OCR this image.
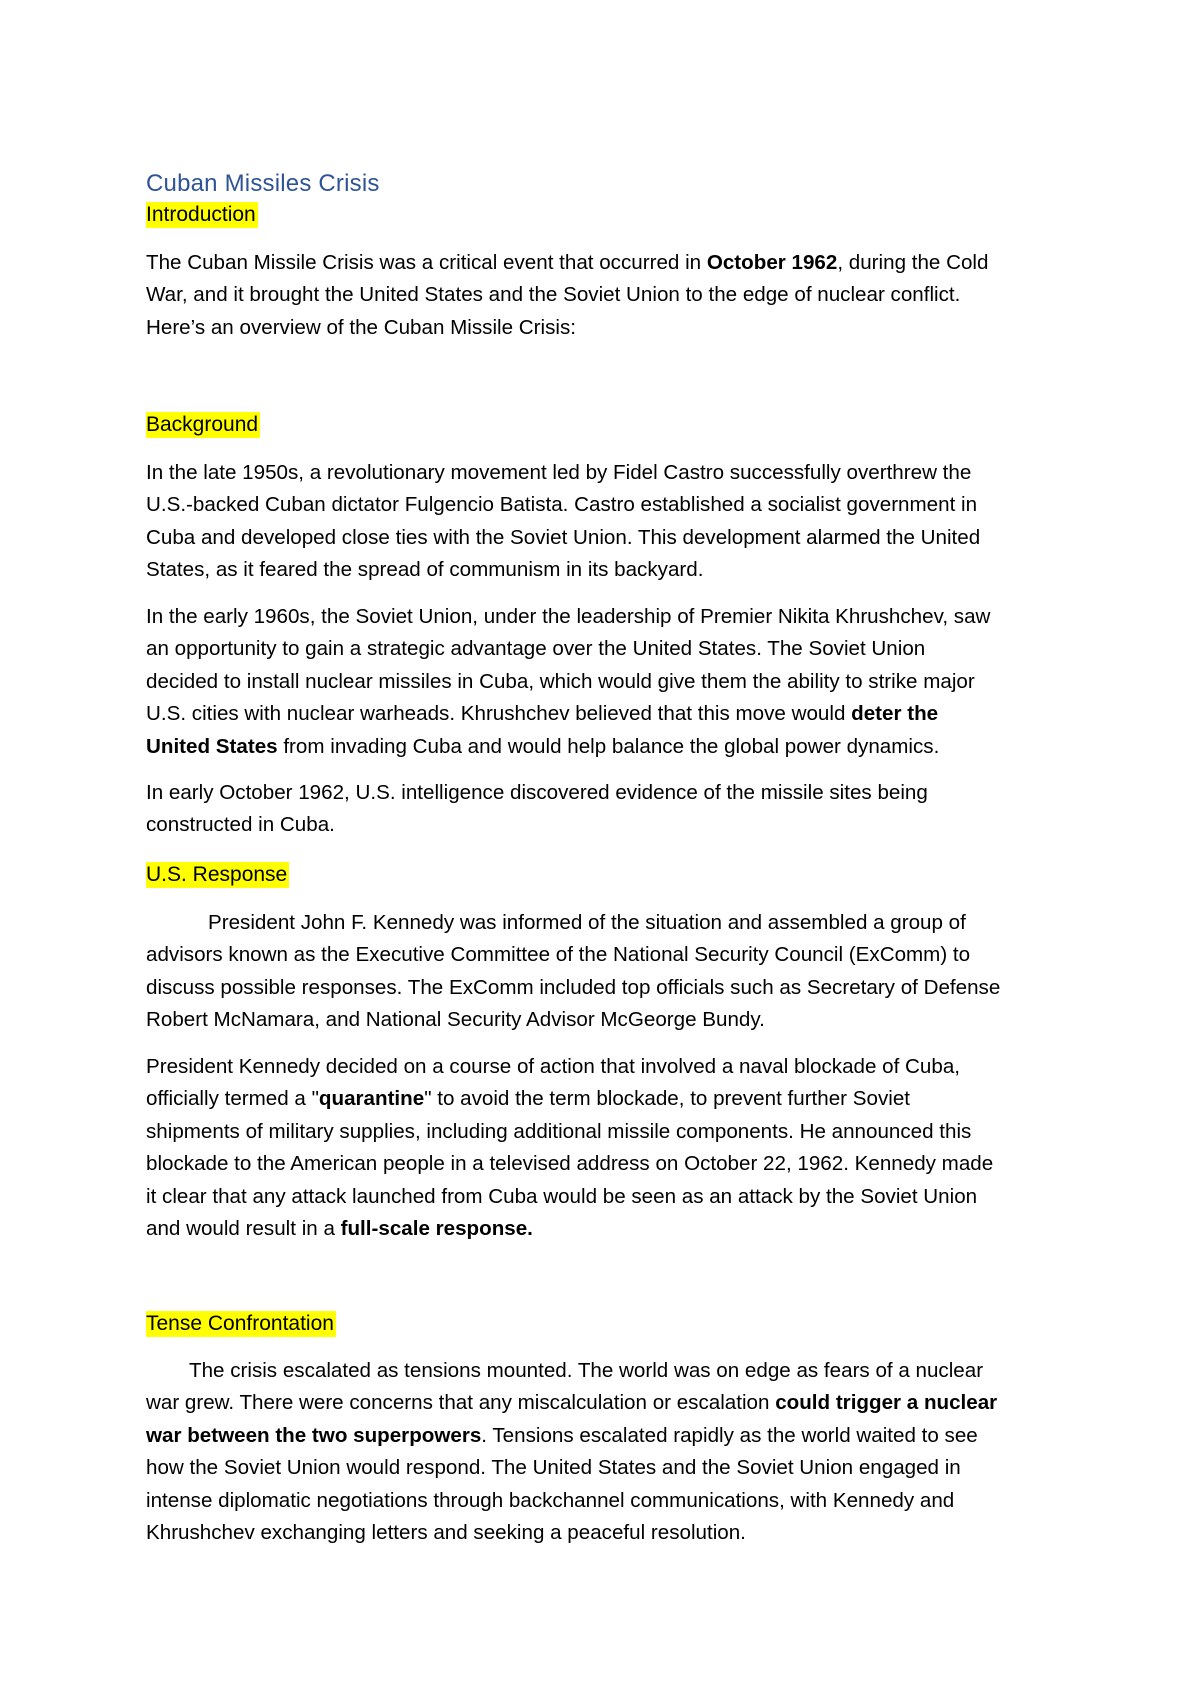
Cuban Missiles Crisis
Introduction

The Cuban Missile Crisis was a critical event that occurred in October 1962, during the Cold
War, and it brought the United States and the Soviet Union to the edge of nuclear conflict.
Here’s an overview of the Cuban Missile Crisis:

Background

In the late 1950s, a revolutionary movement led by Fidel Castro successfully overthrew the
U.S.-backed Cuban dictator Fulgencio Batista. Castro established a socialist government in
Cuba and developed close ties with the Soviet Union. This development alarmed the United
States, as it feared the spread of communism in its backyard.

In the early 1960s, the Soviet Union, under the leadership of Premier Nikita Khrushchev, saw
an opportunity to gain a strategic advantage over the United States. The Soviet Union
decided to install nuclear missiles in Cuba, which would give them the ability to strike major
U.S. cities with nuclear warheads. Khrushchev believed that this move would deter the
United States from invading Cuba and would help balance the global power dynamics.

In early October 1962, U.S. intelligence discovered evidence of the missile sites being
constructed in Cuba.

U.S. Response

President John F. Kennedy was informed of the situation and assembled a group of
advisors known as the Executive Committee of the National Security Council (ExComm) to
discuss possible responses. The ExComm included top officials such as Secretary of Defense
Robert McNamara, and National Security Advisor McGeorge Bundy.

President Kennedy decided on a course of action that involved a naval blockade of Cuba,
officially termed a "quarantine" to avoid the term blockade, to prevent further Soviet
shipments of military supplies, including additional missile components. He announced this
blockade to the American people in a televised address on October 22, 1962. Kennedy made
it clear that any attack launched from Cuba would be seen as an attack by the Soviet Union
and would result in a full-scale response.

Tense Confrontation

The crisis escalated as tensions mounted. The world was on edge as fears of a nuclear
war grew. There were concerns that any miscalculation or escalation could trigger a nuclear
war between the two superpowers. Tensions escalated rapidly as the world waited to see
how the Soviet Union would respond. The United States and the Soviet Union engaged in
intense diplomatic negotiations through backchannel communications, with Kennedy and
Khrushchev exchanging letters and seeking a peaceful resolution.
